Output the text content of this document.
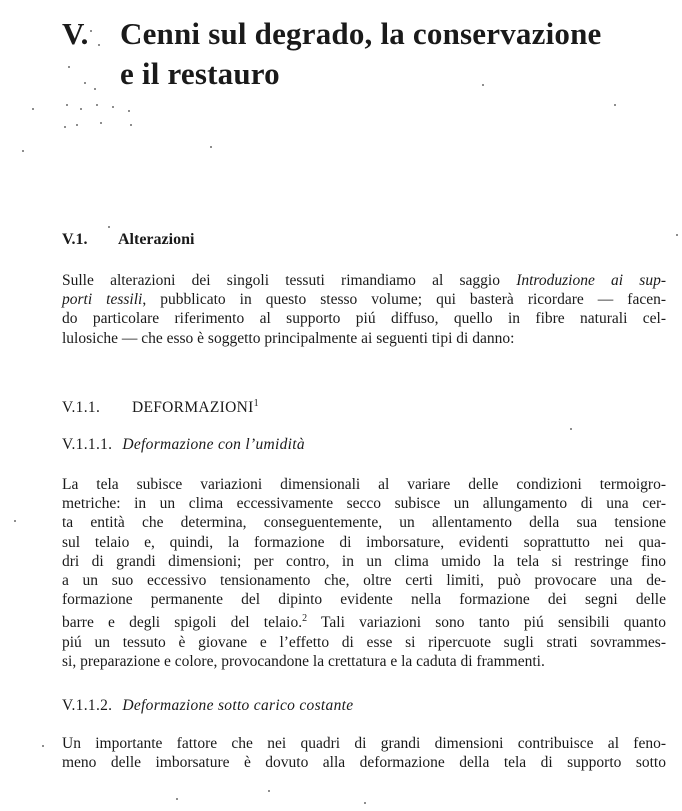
V. Cenni sul degrado, la conservazione
e il restauro
V.1. Alterazioni
Sulle alterazioni dei singoli tessuti rimandiamo al saggio Introduzione ai sup-
porti tessili, pubblicato in questo stesso volume; qui basterà ricordare — facen-
do particolare riferimento al supporto piú diffuso, quello in fibre naturali cel-
lulosiche — che esso è soggetto principalmente ai seguenti tipi di danno:
V.1.1. DEFORMAZIONI$^1$
V.1.1.1. Deformazione con l’umidità
La tela subisce variazioni dimensionali al variare delle condizioni termoigro-
metriche: in un clima eccessivamente secco subisce un allungamento di una cer-
ta entità che determina, conseguentemente, un allentamento della sua tensione
sul telaio e, quindi, la formazione di imborsature, evidenti soprattutto nei qua-
dri di grandi dimensioni; per contro, in un clima umido la tela si restringe fino
a un suo eccessivo tensionamento che, oltre certi limiti, può provocare una de-
formazione permanente del dipinto evidente nella formazione dei segni delle
barre e degli spigoli del telaio.$^2$ Tali variazioni sono tanto piú sensibili quanto
piú un tessuto è giovane e l’effetto di esse si ripercuote sugli strati sovrammes-
si, preparazione e colore, provocandone la crettatura e la caduta di frammenti.
V.1.1.2. Deformazione sotto carico costante
Un importante fattore che nei quadri di grandi dimensioni contribuisce al feno-
meno delle imborsature è dovuto alla deformazione della tela di supporto sotto
